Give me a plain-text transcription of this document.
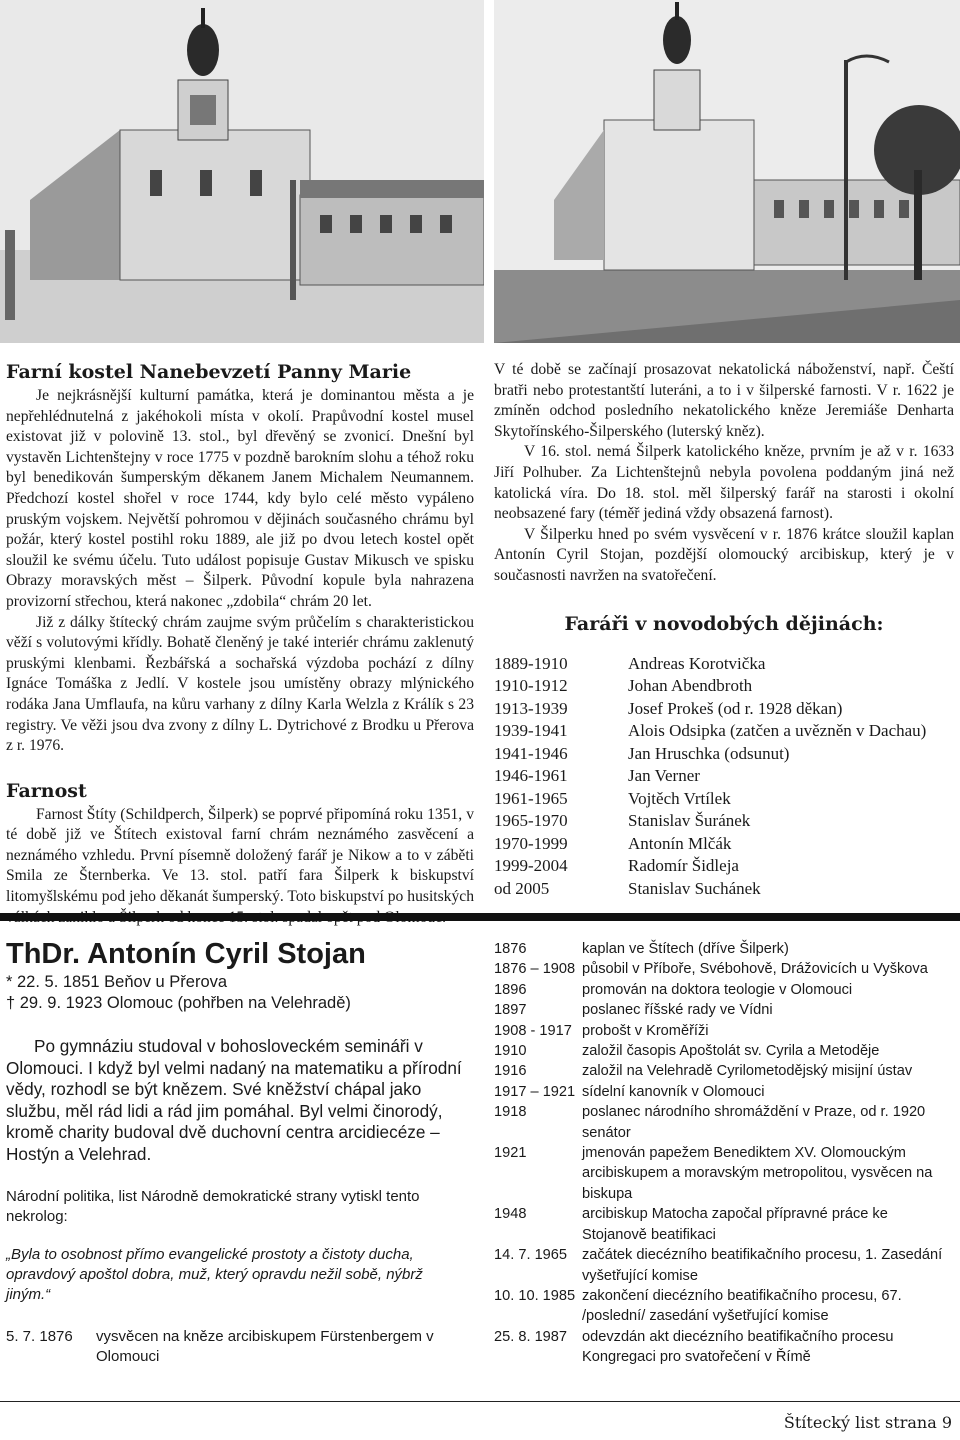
Farní kostel Nanebevzetí Panny Marie

Je nejkrásnější kulturní památka, která je dominantou města a je nepřehlédnutelná z jakéhokoli místa v okolí. Prapůvodní kostel musel existovat již v polovině 13. stol., byl dřevěný se zvonicí. Dnešní byl vystavěn Lichtenštejny v roce 1775 v pozdně barokním slohu a téhož roku byl benedikován šumperským děkanem Janem Michalem Neumannem. Předchozí kostel shořel v roce 1744, kdy bylo celé město vypáleno pruským vojskem. Největší pohromou v dějinách současného chrámu byl požár, který kostel postihl roku 1889, ale již po dvou letech kostel opět sloužil ke svému účelu. Tuto událost popisuje Gustav Mikusch ve spisku Obrazy moravských měst – Šilperk. Původní kopule byla nahrazena provizorní střechou, která nakonec „zdobila“ chrám 20 let.

Již z dálky štítecký chrám zaujme svým průčelím s charakteristickou věží s volutovými křídly. Bohatě členěný je také interiér chrámu zaklenutý pruskými klenbami. Řezbářská a sochařská výzdoba pochází z dílny Ignáce Tomáška z Jedlí. V kostele jsou umístěny obrazy mlýnického rodáka Jana Umflaufa, na kůru varhany z dílny Karla Welzla z Králík s 23 registry. Ve věži jsou dva zvony z dílny L. Dytrichové z Brodku u Přerova z r. 1976.

Farnost

Farnost Štíty (Schildperch, Šilperk) se poprvé připomíná roku 1351, v té době již ve Štítech existoval farní chrám neznámého zasvěcení a neznámého vzhledu. První písemně doložený farář je Nikow a to v záběti Smila ze Šternberka. Ve 13. stol. patří fara Šilperk k biskupství litomyšlskému pod jeho děkanát šumperský. Toto biskupství po husitských

V té době se začínají prosazovat nekatolická náboženství, např. Čeští bratři nebo protestantští luteráni, a to i v šilperské farnosti. V r. 1622 je zmíněn odchod posledního nekatolického kněze Jeremiáše Denharta Skytořínského-Šilperského (luterský kněz).

V 16. stol. nemá Šilperk katolického kněze, prvním je až v r. 1633 Jiří Polhuber. Za Lichtenštejnů nebyla povolena poddaným jiná než katolická víra. Do 18. stol. měl šilperský farář na starosti i okolní neobsazené fary (téměř jediná vždy obsazená farnost).

V Šilperku hned po svém vysvěcení v r. 1876 krátce sloužil kaplan Antonín Cyril Stojan, pozdější olomoucký arcibiskup, který je v současnosti navržen na svatořečení.

Faráři v novodobých dějinách:
1889-1910	Andreas Korotvička
1910-1912	Johan Abendbroth
1913-1939	Josef Prokeš (od r. 1928 děkan)
1939-1941	Alois Odsipka (zatčen a uvězněn v Dachau)
1941-1946	Jan Hruschka (odsunut)
1946-1961	Jan Verner
1961-1965	Vojtěch Vrtílek
1965-1970	Stanislav Šuránek
1970-1999	Antonín Mlčák
1999-2004	Radomír Šidleja
od 2005	Stanislav Suchánek
ThDr. Antonín Cyril Stojan
* 22. 5. 1851 Beňov u Přerova
† 29. 9. 1923 Olomouc (pohřben na Velehradě)

Po gymnáziu studoval v bohosloveckém semináři v Olomouci. I když byl velmi nadaný na matematiku a přírodní vědy, rozhodl se být knězem. Své kněžství chápal jako službu, měl rád lidi a rád jim pomáhal. Byl velmi činorodý, kromě charity budoval dvě duchovní centra arcidiecéze – Hostýn a Velehrad.

Národní politika, list Národně demokratické strany vytiskl tento nekrolog:

„Byla to osobnost přímo evangelické prostoty a čistoty ducha, opravdový apoštol dobra, muž, který opravdu nežil sobě, nýbrž jiným.“

5. 7. 1876	vysvěcen na kněze arcibiskupem Fürstenbergem v Olomouci
1876	kaplan ve Štítech (dříve Šilperk)
1876 – 1908 působil v Příboře, Svébohově, Drážovicích u Vyškova
1896	promován na doktora teologie v Olomouci
1897	poslanec říšské rady ve Vídni
1908 - 1917 probošt v Kroměříži
1910	založil časopis Apoštolát sv. Cyrila a Metoděje
1916	založil na Velehradě Cyrilometodějský misijní ústav
1917 – 1921 sídelní kanovník v Olomouci
1918	poslanec národního shromáždění v Praze, od r. 1920 senátor
1921	jmenován papežem Benediktem XV. Olomouckým arcibiskupem a moravským metropolitou, vysvěcen na biskupa
1948	arcibiskup Matocha započal přípravné práce ke Stojanově beatifikaci
14. 7. 1965	začátek diecézního beatifikačního procesu, 1. Zasedání vyšetřující komise
10. 10. 1985 zakončení diecézního beatifikačního procesu, 67. /poslední/ zasedání vyšetřující komise
25. 8. 1987	odevzdán akt diecézního beatifikačního procesu Kongregaci pro svatořečení v Římě
Štítecký list strana 9
